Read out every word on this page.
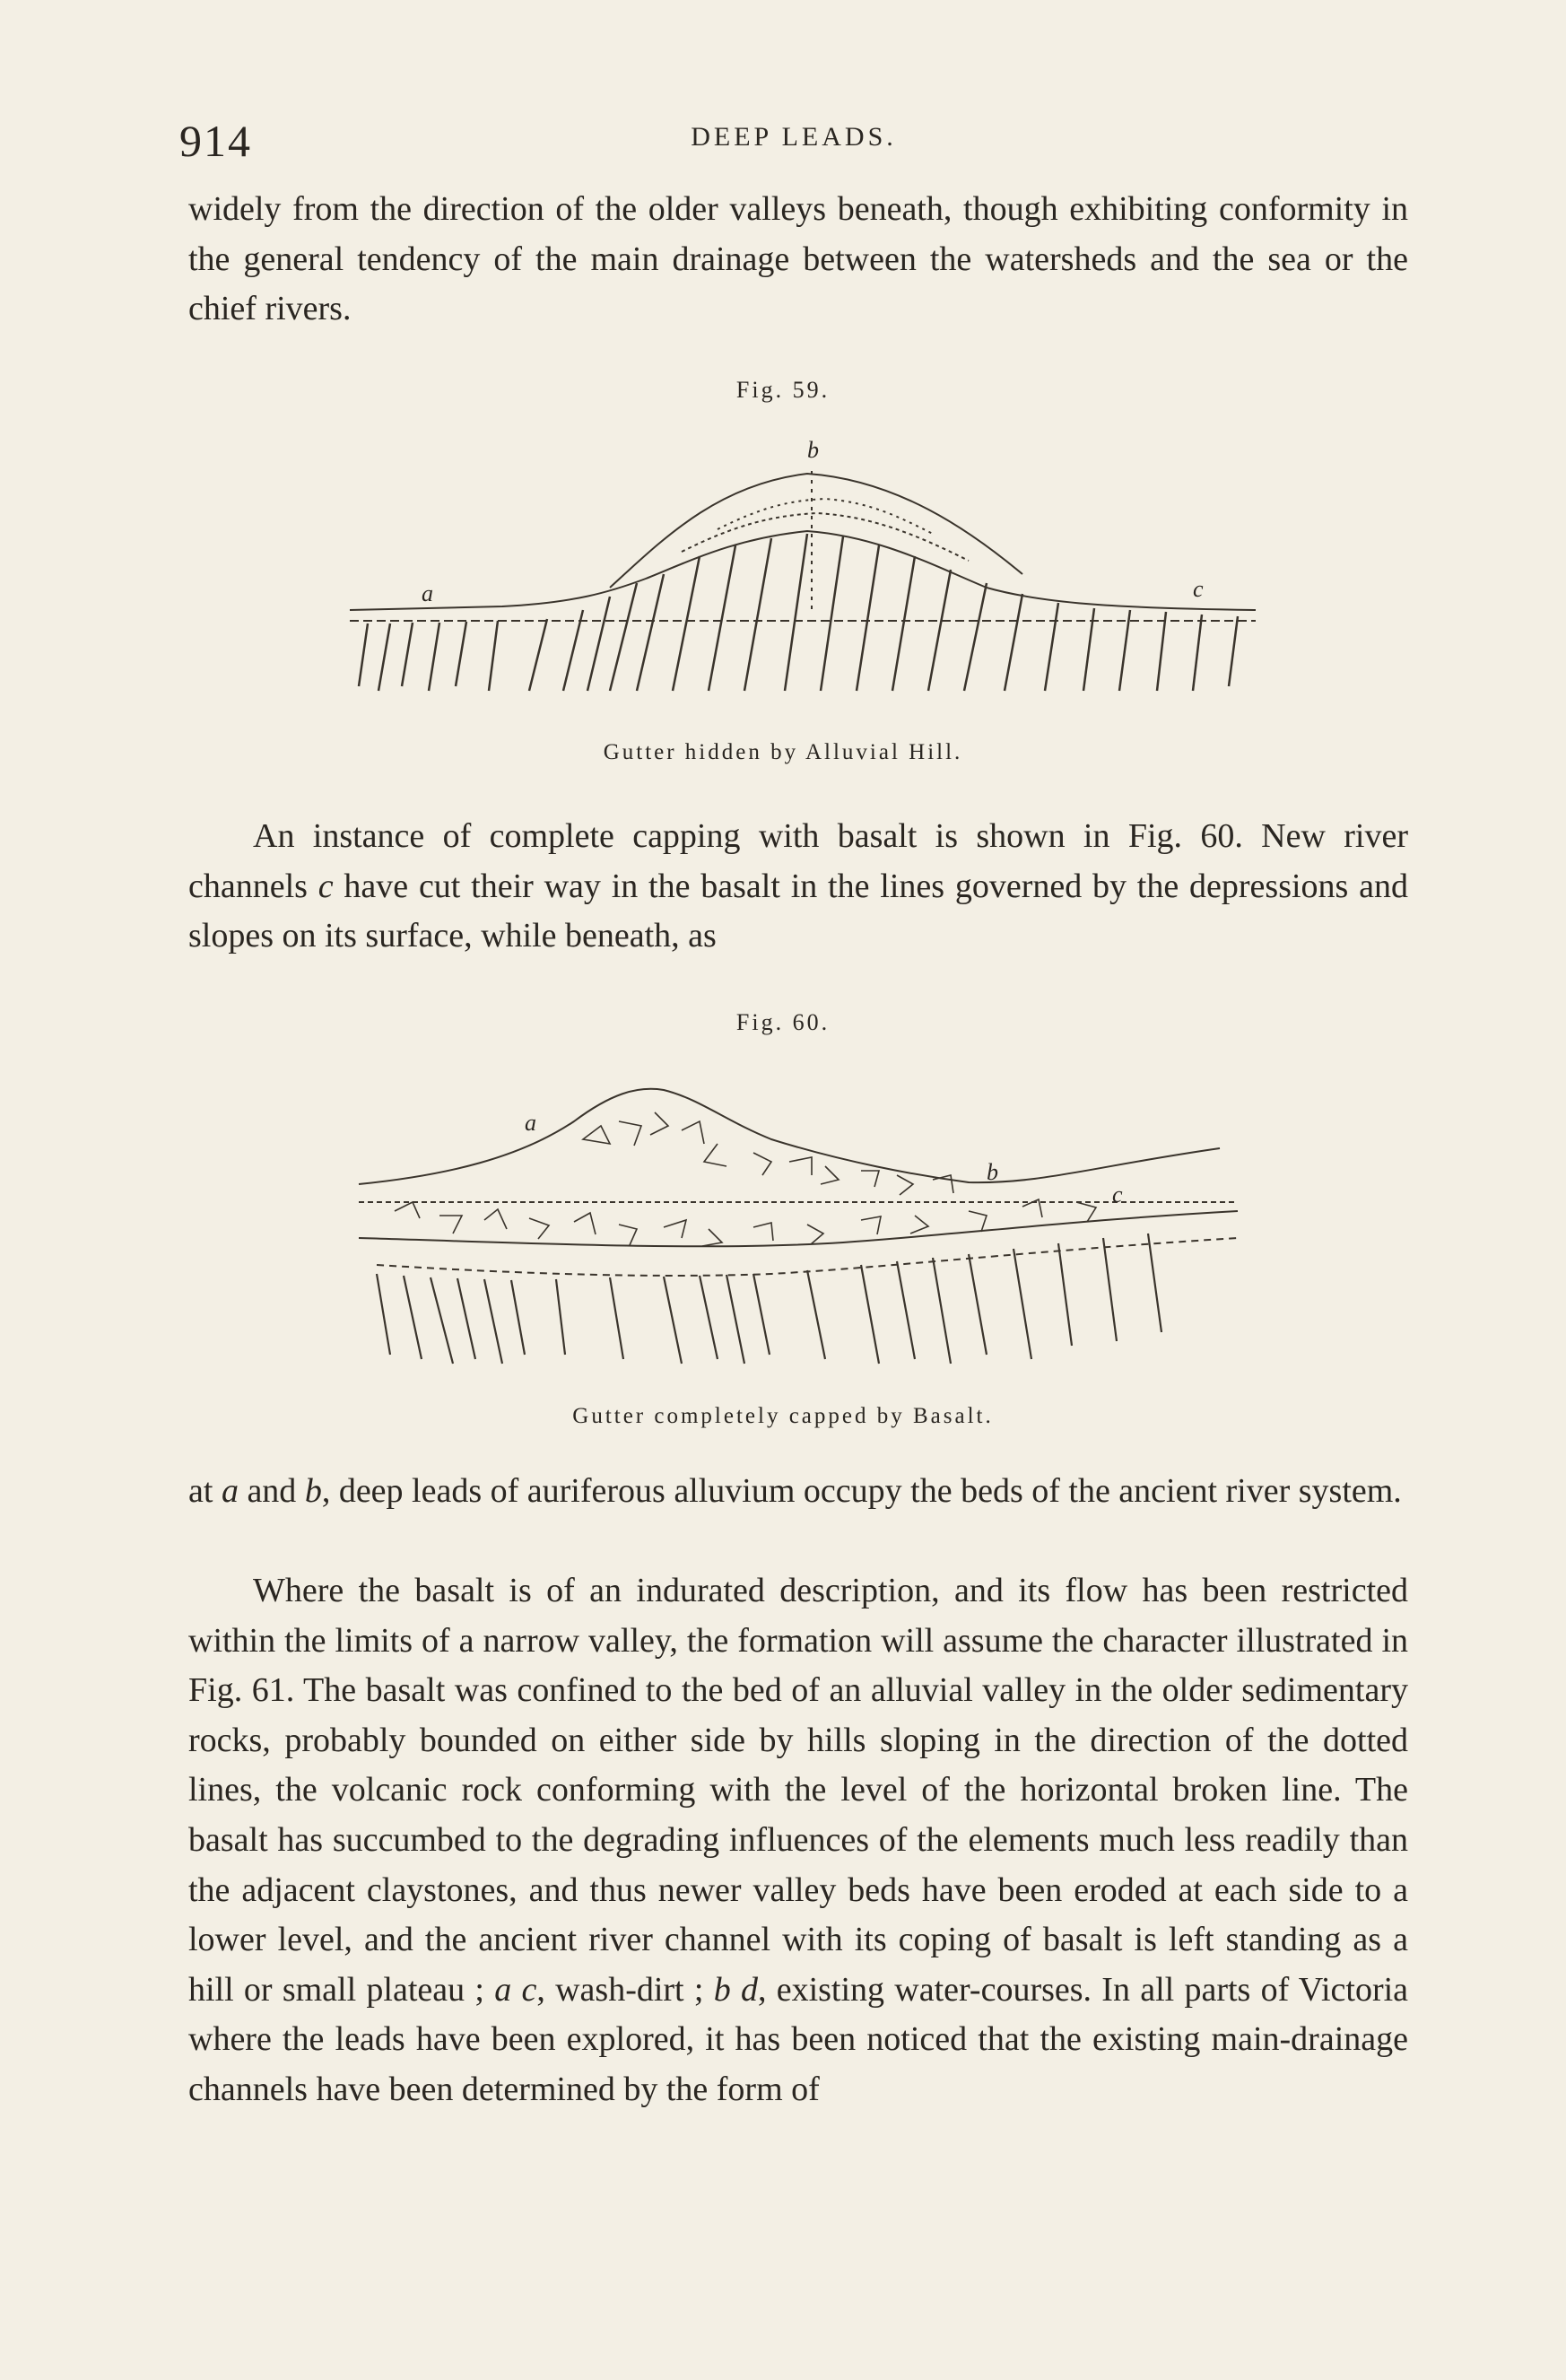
914	DEEP LEADS.

widely from the direction of the older valleys beneath, though exhibiting conformity in the general tendency of the main drainage between the watersheds and the sea or the chief rivers.

Fig. 59.
b
a	c
Gutter hidden by Alluvial Hill.

An instance of complete capping with basalt is shown in Fig. 60. New river channels c have cut their way in the basalt in the lines governed by the depressions and slopes on its surface, while beneath, as

Fig. 60.
a
b
c
Gutter completely capped by Basalt.

at a and b, deep leads of auriferous alluvium occupy the beds of the ancient river system.

Where the basalt is of an indurated description, and its flow has been restricted within the limits of a narrow valley, the formation will assume the character illustrated in Fig. 61. The basalt was confined to the bed of an alluvial valley in the older sedimentary rocks, probably bounded on either side by hills sloping in the direction of the dotted lines, the volcanic rock conforming with the level of the horizontal broken line. The basalt has succumbed to the degrading influences of the elements much less readily than the adjacent claystones, and thus newer valley beds have been eroded at each side to a lower level, and the ancient river channel with its coping of basalt is left standing as a hill or small plateau ; a c, wash-dirt ; b d, existing water-courses. In all parts of Victoria where the leads have been explored, it has been noticed that the existing main-drainage channels have been determined by the form of
